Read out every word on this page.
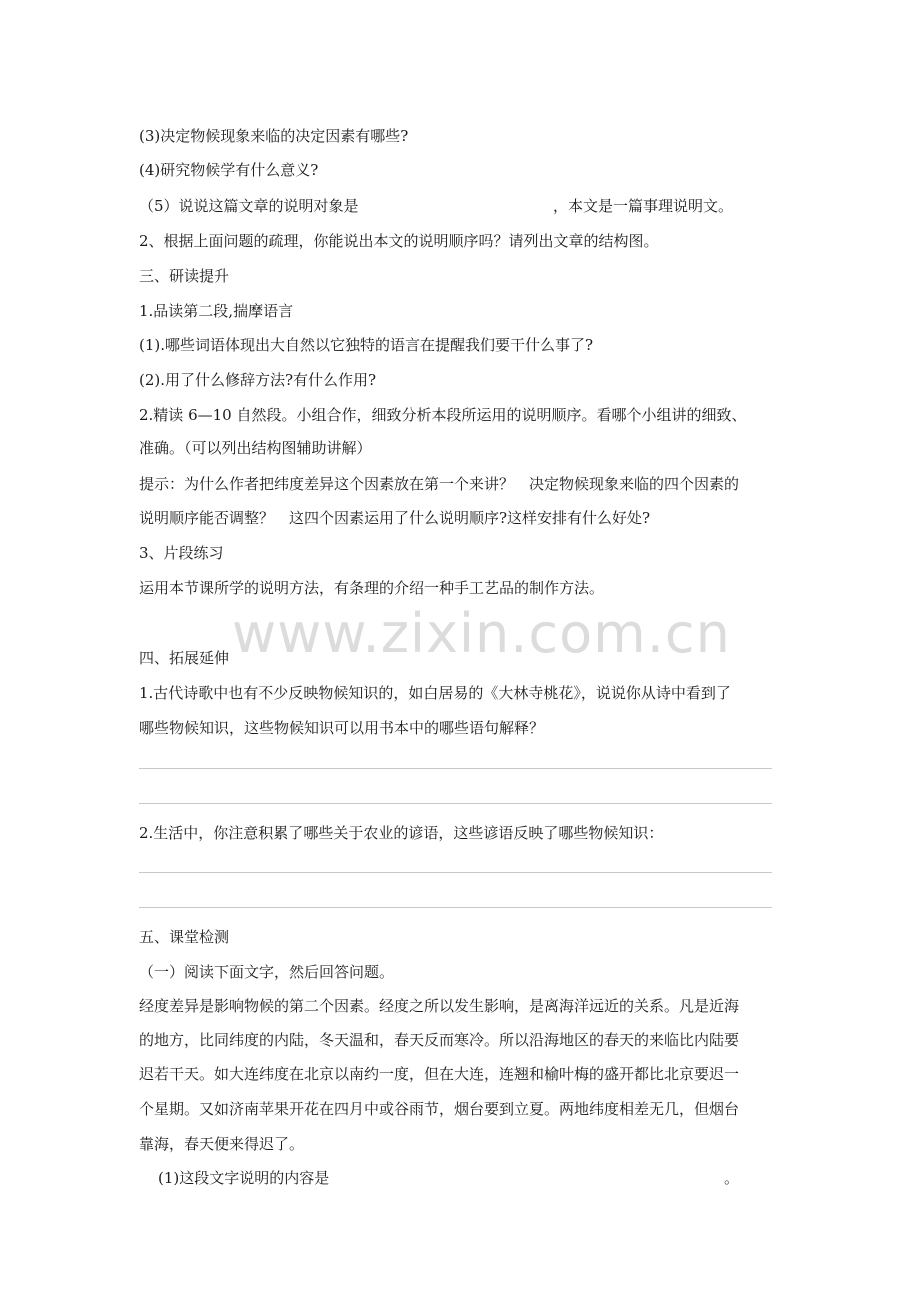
www.zixin.com.cn
(3)决定物候现象来临的决定因素有哪些?
(4)研究物候学有什么意义?
（5）说说这篇文章的说明对象是	，本文是一篇事理说明文。
2、根据上面问题的疏理，你能说出本文的说明顺序吗？请列出文章的结构图。
三、研读提升
1.品读第二段,揣摩语言
(1).哪些词语体现出大自然以它独特的语言在提醒我们要干什么事了?
(2).用了什么修辞方法?有什么作用?
2.精读 6—10 自然段。小组合作，细致分析本段所运用的说明顺序。看哪个小组讲的细致、
准确。（可以列出结构图辅助讲解）
提示：为什么作者把纬度差异这个因素放在第一个来讲？　决定物候现象来临的四个因素的
说明顺序能否调整？　这四个因素运用了什么说明顺序?这样安排有什么好处?
3、片段练习
运用本节课所学的说明方法，有条理的介绍一种手工艺品的制作方法。
四、拓展延伸
1.古代诗歌中也有不少反映物候知识的，如白居易的《大林寺桃花》，说说你从诗中看到了
哪些物候知识，这些物候知识可以用书本中的哪些语句解释？
2.生活中，你注意积累了哪些关于农业的谚语，这些谚语反映了哪些物候知识：
五、课堂检测
（一）阅读下面文字，然后回答问题。
经度差异是影响物候的第二个因素。经度之所以发生影响，是离海洋远近的关系。凡是近海
的地方，比同纬度的内陆，冬天温和，春天反而寒冷。所以沿海地区的春天的来临比内陆要
迟若干天。如大连纬度在北京以南约一度，但在大连，连翘和榆叶梅的盛开都比北京要迟一
个星期。又如济南苹果开花在四月中或谷雨节，烟台要到立夏。两地纬度相差无几，但烟台
靠海，春天便来得迟了。
(1)这段文字说明的内容是	。
